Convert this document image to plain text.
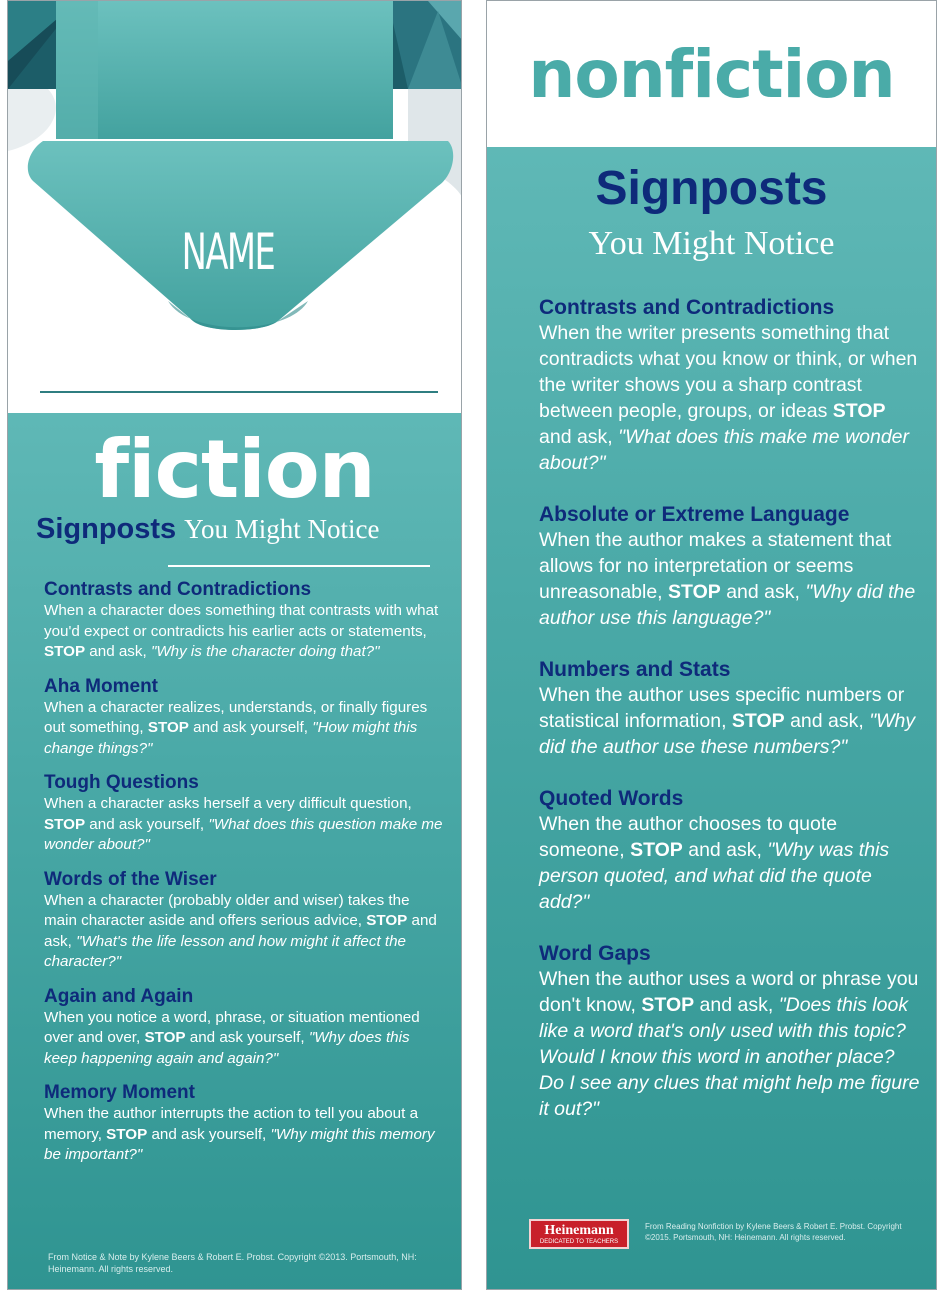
NAME
fiction
Signposts You Might Notice
Contrasts and Contradictions
When a character does something that contrasts with what you'd expect or contradicts his earlier acts or statements, STOP and ask, "Why is the character doing that?"
Aha Moment
When a character realizes, understands, or finally figures out something, STOP and ask yourself, "How might this change things?"
Tough Questions
When a character asks herself a very difficult question, STOP and ask yourself, "What does this question make me wonder about?"
Words of the Wiser
When a character (probably older and wiser) takes the main character aside and offers serious advice, STOP and ask, "What's the life lesson and how might it affect the character?"
Again and Again
When you notice a word, phrase, or situation mentioned over and over, STOP and ask yourself, "Why does this keep happening again and again?"
Memory Moment
When the author interrupts the action to tell you about a memory, STOP and ask yourself, "Why might this memory be important?"
From Notice & Note by Kylene Beers & Robert E. Probst. Copyright ©2013. Portsmouth, NH: Heinemann. All rights reserved.
nonfiction
Signposts
You Might Notice
Contrasts and Contradictions
When the writer presents something that contradicts what you know or think, or when the writer shows you a sharp contrast between people, groups, or ideas STOP and ask, "What does this make me wonder about?"
Absolute or Extreme Language
When the author makes a statement that allows for no interpretation or seems unreasonable, STOP and ask, "Why did the author use this language?"
Numbers and Stats
When the author uses specific numbers or statistical information, STOP and ask, "Why did the author use these numbers?"
Quoted Words
When the author chooses to quote someone, STOP and ask, "Why was this person quoted, and what did the quote add?"
Word Gaps
When the author uses a word or phrase you don't know, STOP and ask, "Does this look like a word that's only used with this topic? Would I know this word in another place? Do I see any clues that might help me figure it out?"
Heinemann
DEDICATED TO TEACHERS
From Reading Nonfiction by Kylene Beers & Robert E. Probst. Copyright ©2015. Portsmouth, NH: Heinemann. All rights reserved.
